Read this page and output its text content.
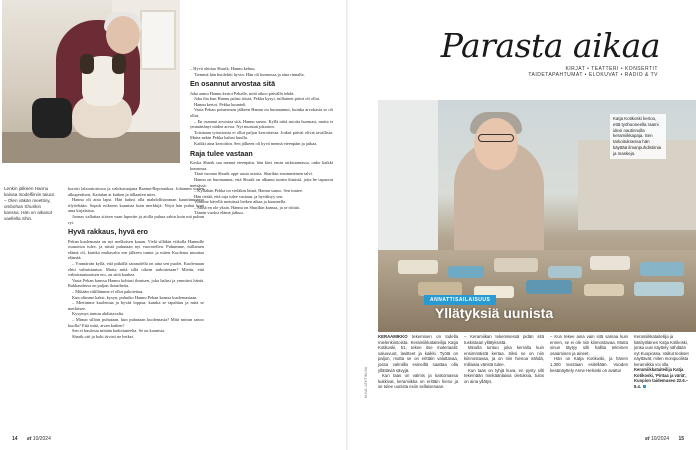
Lenkin jälkeen Hannu kaivaa Isodelfiiniin taiuut. – Olen väkän meettiny, ombohan Shurikin kanssa. Hän on aikanut vaellella Shin.

korotti laboratoriossa ja valokuvaajana Raama-Reporauksa. Johannes uuden alkuperäisen, Kaitalan ai kaiken ja tällaatten mies.

Hannu oli aina lapsi. Hän halusi olla mahdollisimman kauniimmassa tilyöeltään. Sopuli erikseen kaunista kuin merkkijä. Nöyä hän puhui koni aina kirjalaisia.

Joonas vallattaa siitsen vaan lupertin ja aiolla puhua sabin kuin mä puhun ryt.

Hyvä rakkaus, hyvä ero

Pekan kuolemasta on nyt melkoisen kauan. Vielä silläkin viikolla Hannulle osanottoa tulee, ja niistä puhutaan nyt vuorotellen. Puhumme, millainen elämä oli, kuinka mukavalta sen jälkeen tuntui ja miten Kuolema muuttaa elämää.

– Ymmärrän kyllä, että pitkällä sairaudella on aina sen puolet. Kuolemaan ehtii valmistautua. Mutta mitä sillä oikein tarkoitetaan? Mietin, että valmistautumisen ero, on siitä kauhea.

Vasta Pekan kanssa Hannu kohtasi ihmisen, joka halusi ja ymmärsi häntä. Rakkaudessa on paljon ilonaiheita.

– Mikään välillämme ei ollut pakotettua.

Kun olimme kaksi, kysyn, puhuiko Hannu Pekan kanssa kuolemastaan.

– Mietimme kuolemaa ja hyvää loppua, kuinka se tapahtuu ja mitä se merkitsee.

Kysymys tuntuu ahdistavalta.

– Minun silloin puhutaan, kun puhutaan kuolemasta? Mitä minun sanoo kuolla? Että mitä, aivan kaiken?

Sen ei kuulosta mitään kadottaneelta. Se on kaunista.

Sharik otti ja koki tiivisti ne hetket.

– Hyvä ohittaa Shurik, Hannu kehuu.

Tiemmä hän huolehtii hyvin. Hän oli kunnossa ja aina rinnalla.

En osannut arvostaa sitä

Joka aamu Hannu kertoi Pekalle, mitä aikoo päivällä tehdä.

Joka ilta kun Hannu palasi töistä, Pekka kysyi, millainen päivä oli ollut.

Hannu kertoi. Pekka kuunteli.

Vasta Pekan poismenon jälkeen Hannu on huomannut, kuinka arvokasta se oli ollut.

– En osannut arvostaa sitä, Hannu sanoo. Kyllä niitä asioita huomasi, mutta ei ymmärtänyt niiden arvoa. Nyt muistan jokaisen.

Toisinaan työasioista ei ollut paljon kerrottavaa. Jotkut päivät olivat tavallisia. Mutta nekin Pekka halusi kuulla.

Kaikki aina kerrottiin. Sen jälkeen oli hyvä mennä eteenpäin ja jatkaa.

Raja tulee vastaan

Koska Sharik saa mennä eteenpäin, hän kävi ensin tarkistamassa, onko kaikki kunnossa.

Tänä vuonna Shurik oppi uusia asioita. Sharikin ensimmäinen talvi.

Hannu on huomannut, että Shurik on alkanut tuntea ihmisiä, joita he tapaavat metsässä.

– Kyllähän Pekka on vieläkin läsnä, Hannu sanoo. Sen tuntee.

Hän tietää, että raja tulee vastaan, ja hyväksyy sen.

Voimme kävellä metsässä hetken aikaa ja kuunnella.

– Minä en ole yksin. Hannu on Shurikin kanssa, ja se riittää.

Tämän vuoksi elämä jatkuu.

14 et 10/2024
Parasta aikaa
KIRJAT • TEATTERI • KONSERTIT
TAIDETAPAHTUMAT • ELOKUVAT • RADIO & TV
Katja Kotikoski kertoo, että työhuoneella raami ideoi nautinnolla keramiikkapaja. Sen tarkoituksessa hän käyttää ilmanpuhdistimia ja maskeja.
ANNATTISAILAISUUS
Yllätyksiä uunista
KUVA: LEHTIKUVA

KERAAMIKKO tekeminen on todella mielenkiintoista. Keramiikkataiteilija Katja Kotikoski, 51, tekee itse materiaalit: valuuvuot, lasitteet ja kaikki. Työtä on paljon, mutta se on erittäin valuttavaa, jossa valmiilla esineillä saattaa olla yllättäviä sävyjä.

Kun taas on valmis ja katsomassa kukkivat, keramiikka on erittäin hieno ja se tulee uunista esiin sellaisenaan.

– Keramiikan tekemisessä pidän sitä tuskistaan yllätyksistä.

Minulla tuntuu joka kerralla kuin ensimmäistä kertaa. Siksi se on niin kiinnostavaa, ja on niin hienoa nähdä, millaisia väristä tulee.

Kun taas on tyhjä kuva, en pysty silti tekemään minkäänlaisia oletuksia, tulos on aina yllätys.

– Kun tekee aina vain sitä samaa kuin ennen, se ei ole niin kiinnostavaa. Mutta sinun täytyy silti hallita tekninen osaaminen ja aineet.

Hän on Katja Kotikoski, ja hänen 1.300 teostaan esitellään. Vuoden kesänäyttely Anne Helsinki on avattu!

Keramiikkataiteilija ja käsityöläinen Katja Kotikoski, jonka uusi näyttely nähdään nyt Kuopiossa. Valitut teokset näyttävät, miten monipuolista keramiikka voi olla.

Keramiikkataiteilija Katja Kotikoski, 'Pintaa ja väriä', Kuopion taidemuseo 22.6.–8.4.

et 10/2024 15
